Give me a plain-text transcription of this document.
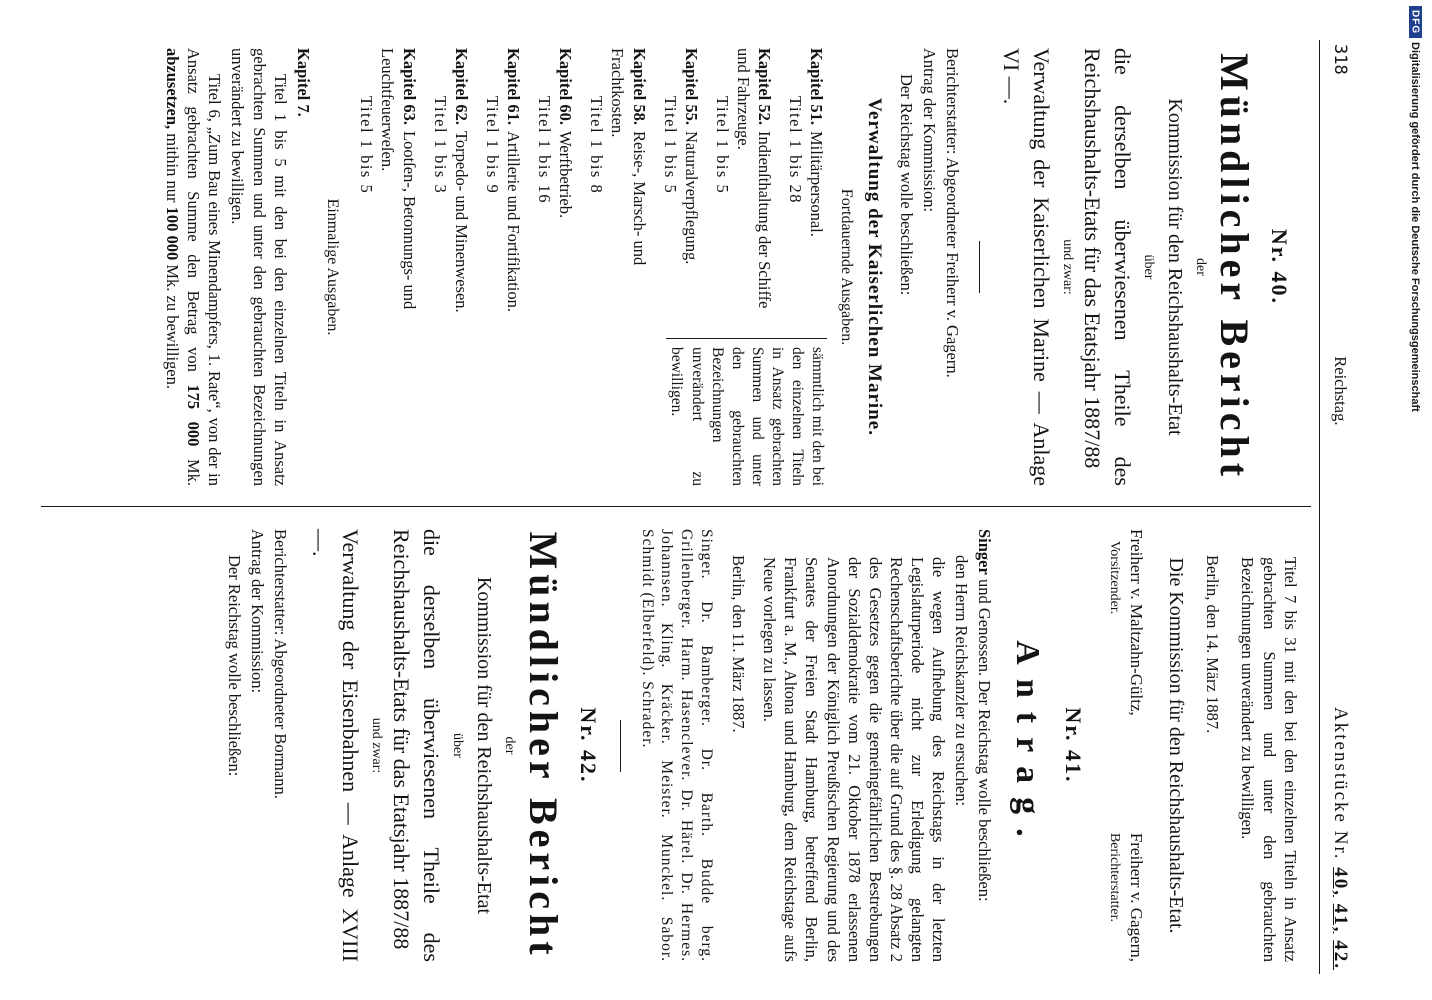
318
Reichstag.
Aktenstücke Nr. 40, 41, 42.
Nr. 40.
Mündlicher Bericht
der
Kommission für den Reichshaushalts-Etat
über
die derselben überwiesenen Theile des Reichshaushalts-Etats für das Etatsjahr 1887/88
und zwar:
Verwaltung der Kaiserlichen Marine — Anlage VI —.
Berichterstatter: Abgeordneter Freiherr v. Gagern.
Antrag der Kommission:
Der Reichstag wolle beschließen:
Verwaltung der Kaiserlichen Marine.
Fortdauernde Ausgaben.
Kapitel 51.Militärpersonal.
Titel 1 bis 28
Kapitel 52.Indienſthaltung der Schiffe und Fahrzeuge.
Titel 1 bis 5
Kapitel 55.Naturalverpflegung.
Titel 1 bis 5
Kapitel 58.Reise-, Marsch- und Frachtkosten.
Titel 1 bis 8
Kapitel 60.Werftbetrieb.
Titel 1 bis 16
Kapitel 61.Artillerie und Fortifikation.
Titel 1 bis 9
Kapitel 62.Torpedo- und Minenwesen.
Titel 1 bis 3
Kapitel 63.Lootſen-, Betonnungs- und Leuchtfeuerweſen.
Titel 1 bis 5
sämmtlich mit den bei den einzelnen Titeln in Ansatz gebrachten Summen und unter den gebrauchten Bezeichnungen unverändert zu bewilligen.
Einmalige Ausgaben.
Kapitel 7.
Titel 1 bis 5 mit den bei den einzelnen Titeln in Ansatz gebrachten Summen und unter den gebrauchten Bezeichnungen unverändert zu bewilligen.
Titel 6, „Zum Bau eines Minendampfers, 1. Rate“, von der in Ansatz gebrachten Summe den Betrag von 175 000 Mk. abzusetzen, mithin nur 100 000 Mk. zu bewilligen.
Titel 7 bis 31 mit den bei den einzelnen Titeln in Ansatz gebrachten Summen und unter den gebrauchten Bezeichnungen unverändert zu bewilligen.
Berlin, den 14. März 1887.
Die Kommission für den Reichshaushalts-Etat.
Freiherr v. Maltzahn-Gültz,
Freiherr v. Gagern,
Vorsitzender.
Berichterstatter.
Nr. 41.
Antrag.
Singer und Genossen. Der Reichstag wolle beschließen:
den Herrn Reichskanzler zu ersuchen:
die wegen Aufhebung des Reichstags in der letzten Legislaturperiode nicht zur Erledigung gelangten Rechenschaftsberichte über die auf Grund des §. 28 Absatz 2 des Gesetzes gegen die gemeingefährlichen Bestrebungen der Sozialdemokratie vom 21. Oktober 1878 erlassenen Anordnungen der Königlich Preußischen Regierung und des Senates der Freien Stadt Hamburg, betreffend Berlin, Frankfurt a. M., Altona und Hamburg, dem Reichstage aufs Neue vorlegen zu lassen.
Berlin, den 11. März 1887.
Singer. Dr. Bamberger. Dr. Barth. Budde berg. Grillenberger. Harm. Hasenclever. Dr. Härel. Dr. Hermes. Johannsen. Kling. Kräcker. Meister. Munckel. Sabor. Schmidt (Elberfeld). Schrader.
Nr. 42.
Mündlicher Bericht
der
Kommission für den Reichshaushalts-Etat
über
die derselben überwiesenen Theile des Reichshaushalts-Etats für das Etatsjahr 1887/88
und zwar:
Verwaltung der Eisenbahnen — Anlage XVIII —.
Berichterstatter: Abgeordneter Bormann.
Antrag der Kommission:
Der Reichstag wolle beschließen:
DFG
Digitalisierung gefördert durch die Deutsche Forschungsgemeinschaft
